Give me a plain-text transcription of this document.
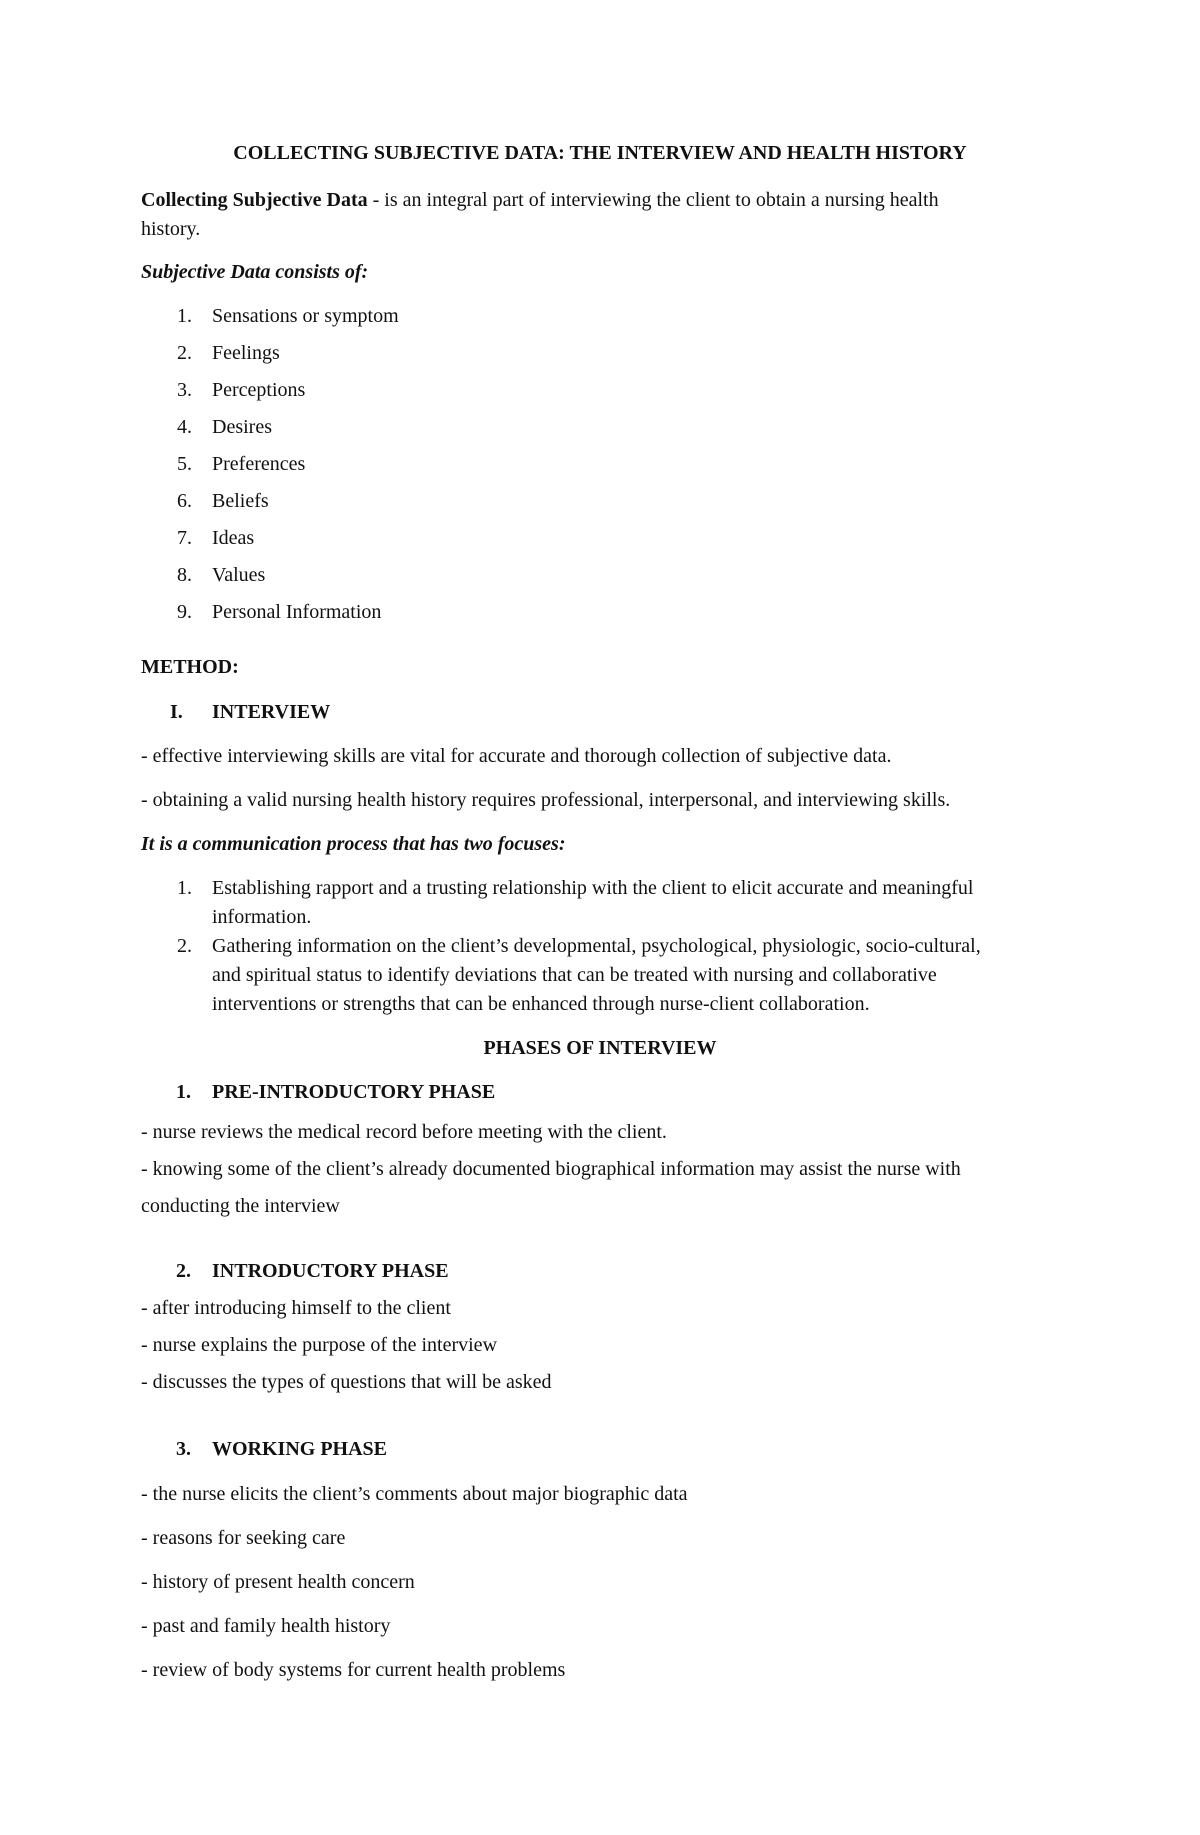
COLLECTING SUBJECTIVE DATA: THE INTERVIEW AND HEALTH HISTORY
Collecting Subjective Data - is an integral part of interviewing the client to obtain a nursing health
history.
Subjective Data consists of:
1. Sensations or symptom
2. Feelings
3. Perceptions
4. Desires
5. Preferences
6. Beliefs
7. Ideas
8. Values
9. Personal Information
METHOD:
I. INTERVIEW
- effective interviewing skills are vital for accurate and thorough collection of subjective data.
- obtaining a valid nursing health history requires professional, interpersonal, and interviewing skills.
It is a communication process that has two focuses:
1. Establishing rapport and a trusting relationship with the client to elicit accurate and meaningful
information.
2. Gathering information on the client’s developmental, psychological, physiologic, socio-cultural,
and spiritual status to identify deviations that can be treated with nursing and collaborative
interventions or strengths that can be enhanced through nurse-client collaboration.
PHASES OF INTERVIEW
1. PRE-INTRODUCTORY PHASE
- nurse reviews the medical record before meeting with the client.
- knowing some of the client’s already documented biographical information may assist the nurse with
conducting the interview
2. INTRODUCTORY PHASE
- after introducing himself to the client
- nurse explains the purpose of the interview
- discusses the types of questions that will be asked
3. WORKING PHASE
- the nurse elicits the client’s comments about major biographic data
- reasons for seeking care
- history of present health concern
- past and family health history
- review of body systems for current health problems
